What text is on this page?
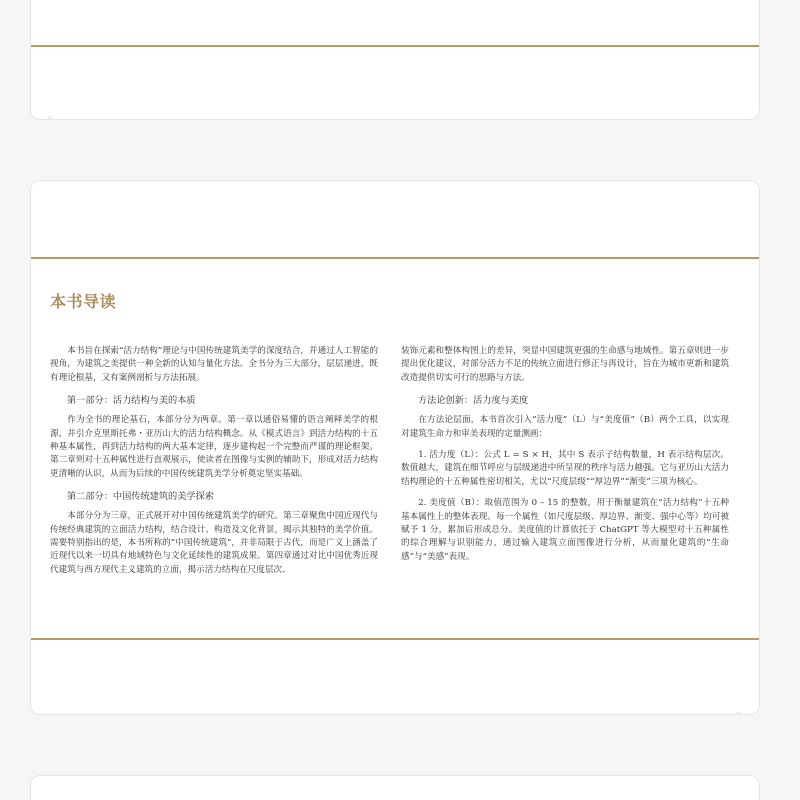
15
本书导读

本书旨在探索“活力结构”理论与中国传统建筑美学的深度结合，并通过人工智能的视角，为建筑之美提供一种全新的认知与量化方法。全书分为三大部分，层层递进，既有理论根基，又有案例剖析与方法拓展。

第一部分：活力结构与美的本质

作为全书的理论基石，本部分分为两章。第一章以通俗易懂的语言阐释美学的根源，并引介克里斯托弗・亚历山大的活力结构概念。从《模式语言》到活力结构的十五种基本属性，再到活力结构的两大基本定律，逐步建构起一个完整而严谨的理论框架。第二章则对十五种属性进行直观展示，使读者在图像与实例的辅助下，形成对活力结构更清晰的认识，从而为后续的中国传统建筑美学分析奠定坚实基础。

第二部分：中国传统建筑的美学探索

本部分分为三章，正式展开对中国传统建筑美学的研究。第三章聚焦中国近现代与传统经典建筑的立面活力结构，结合设计、构造及文化背景，揭示其独特的美学价值。需要特别指出的是，本书所称的“中国传统建筑”，并非局限于古代，而是广义上涵盖了近现代以来一切具有地域特色与文化延续性的建筑成果。第四章通过对比中国优秀近现代建筑与西方现代主义建筑的立面，揭示活力结构在尺度层次、

装饰元素和整体构图上的差异，突显中国建筑更强的生命感与地域性。第五章则进一步提出优化建议，对部分活力不足的传统立面进行修正与再设计，旨在为城市更新和建筑改造提供切实可行的思路与方法。

方法论创新：活力度与美度

在方法论层面，本书首次引入“活力度”（L）与“美度值”（B）两个工具，以实现对建筑生命力和审美表现的定量测画：

1. 活力度（L）：公式 L = S × H，其中 S 表示子结构数量，H 表示结构层次。数值越大，建筑在细节呼应与层级递进中所呈现的秩序与活力越强。它与亚历山大活力结构理论的十五种属性密切相关，尤以“尺度层级”“厚边界”“渐变”三项为核心。

2. 美度值（B）：取值范围为 0 – 15 的整数，用于衡量建筑在“活力结构”十五种基本属性上的整体表现。每一个属性（如尺度层级、厚边界、渐变、强中心等）均可被赋予 1 分，累加后形成总分。美度值的计算依托于 ChatGPT 等大模型对十五种属性的综合理解与识别能力，通过输入建筑立面图像进行分析，从而量化建筑的“生命感”与“美感”表现。

16
